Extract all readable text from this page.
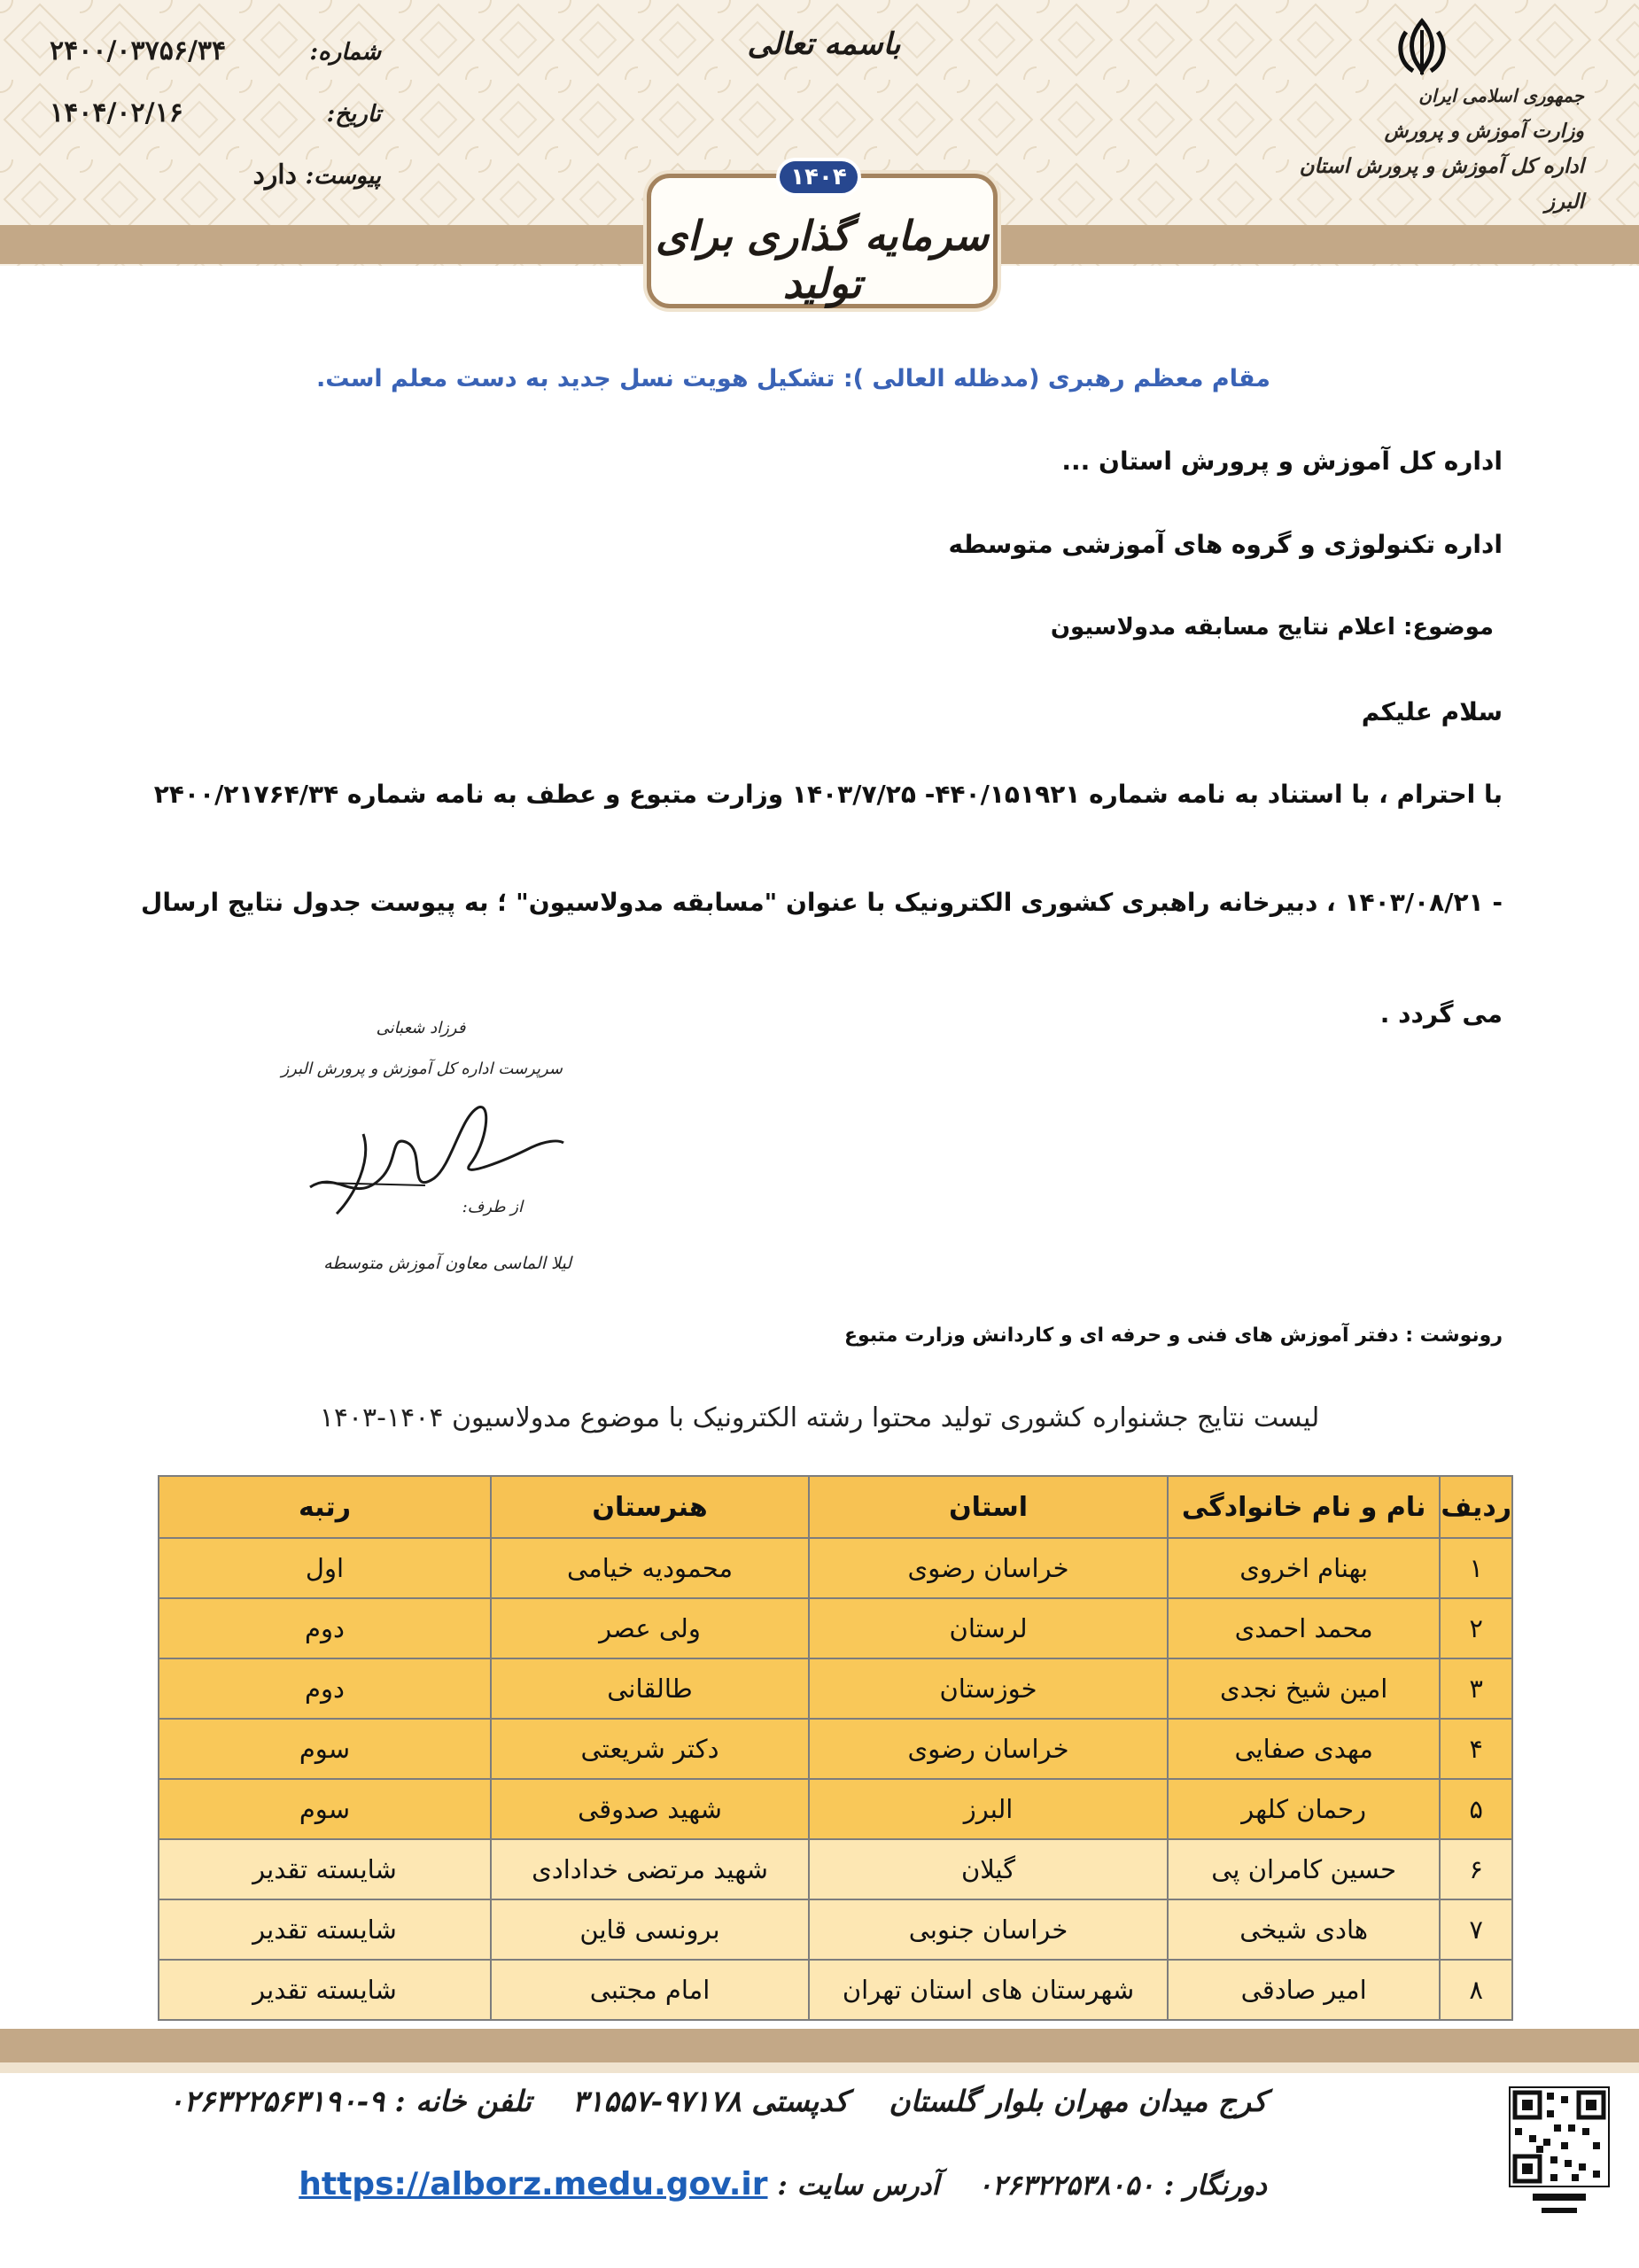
جمهوری اسلامی ایران
وزارت آموزش و پرورش
اداره کل آموزش و پرورش استان البرز
باسمه تعالی
شماره:
۲۴۰۰/۰۳۷۵۶/۳۴
تاریخ:
۱۴۰۴/۰۲/۱۶
پیوست:
دارد
سرمایه گذاری برای تولید
۱۴۰۴
مقام معظم رهبری (مدظله العالی ): تشکیل هویت نسل جدید به دست معلم است.
اداره کل آموزش و پرورش استان ...
اداره تکنولوژی و گروه های آموزشی متوسطه
موضوع: اعلام نتایج مسابقه مدولاسیون
سلام علیکم
با احترام ، با استناد به نامه شماره ۴۴۰/۱۵۱۹۲۱- ۱۴۰۳/۷/۲۵ وزارت متبوع و عطف به نامه شماره ۲۴۰۰/۲۱۷۶۴/۳۴
- ۱۴۰۳/۰۸/۲۱ ، دبیرخانه راهبری کشوری الکترونیک با عنوان "مسابقه مدولاسیون" ؛ به پیوست جدول نتایج ارسال
می گردد .
فرزاد شعبانی
سرپرست اداره کل آموزش و پرورش البرز
از طرف:
لیلا الماسی معاون آموزش متوسطه
رونوشت : دفتر آموزش های فنی و حرفه ای و کاردانش وزارت متبوع
لیست نتایج جشنواره کشوری تولید محتوا رشته الکترونیک با موضوع مدولاسیون ۱۴۰۴-۱۴۰۳
ردیف	نام و نام خانوادگی	استان	هنرستان	رتبه
۱	بهنام اخروی	خراسان رضوی	محمودیه خیامی	اول
۲	محمد احمدی	لرستان	ولی عصر	دوم
۳	امین شیخ نجدی	خوزستان	طالقانی	دوم
۴	مهدی صفایی	خراسان رضوی	دکتر شریعتی	سوم
۵	رحمان کلهر	البرز	شهید صدوقی	سوم
۶	حسین کامران پی	گیلان	شهید مرتضی خدادادی	شایسته تقدیر
۷	هادی شیخی	خراسان جنوبی	برونسی قاین	شایسته تقدیر
۸	امیر صادقی	شهرستان های استان تهران	امام مجتبی	شایسته تقدیر
کرج میدان مهران بلوار گلستان    کدپستی ۳۱۵۵۷-۹۷۱۷۸    تلفن خانه : ۰۲۶۳۲۲۵۶۳۱۹۰-۹
دورنگار : ۰۲۶۳۲۲۵۳۸۰۵۰    آدرس سایت : https://alborz.medu.gov.ir
